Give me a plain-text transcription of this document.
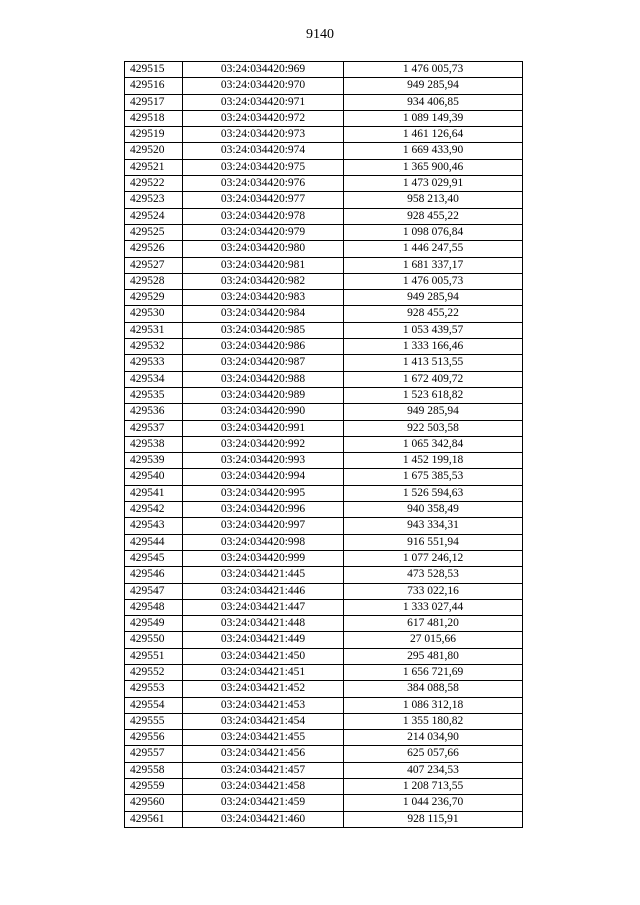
9140
429515	03:24:034420:969	1 476 005,73
429516	03:24:034420:970	949 285,94
429517	03:24:034420:971	934 406,85
429518	03:24:034420:972	1 089 149,39
429519	03:24:034420:973	1 461 126,64
429520	03:24:034420:974	1 669 433,90
429521	03:24:034420:975	1 365 900,46
429522	03:24:034420:976	1 473 029,91
429523	03:24:034420:977	958 213,40
429524	03:24:034420:978	928 455,22
429525	03:24:034420:979	1 098 076,84
429526	03:24:034420:980	1 446 247,55
429527	03:24:034420:981	1 681 337,17
429528	03:24:034420:982	1 476 005,73
429529	03:24:034420:983	949 285,94
429530	03:24:034420:984	928 455,22
429531	03:24:034420:985	1 053 439,57
429532	03:24:034420:986	1 333 166,46
429533	03:24:034420:987	1 413 513,55
429534	03:24:034420:988	1 672 409,72
429535	03:24:034420:989	1 523 618,82
429536	03:24:034420:990	949 285,94
429537	03:24:034420:991	922 503,58
429538	03:24:034420:992	1 065 342,84
429539	03:24:034420:993	1 452 199,18
429540	03:24:034420:994	1 675 385,53
429541	03:24:034420:995	1 526 594,63
429542	03:24:034420:996	940 358,49
429543	03:24:034420:997	943 334,31
429544	03:24:034420:998	916 551,94
429545	03:24:034420:999	1 077 246,12
429546	03:24:034421:445	473 528,53
429547	03:24:034421:446	733 022,16
429548	03:24:034421:447	1 333 027,44
429549	03:24:034421:448	617 481,20
429550	03:24:034421:449	27 015,66
429551	03:24:034421:450	295 481,80
429552	03:24:034421:451	1 656 721,69
429553	03:24:034421:452	384 088,58
429554	03:24:034421:453	1 086 312,18
429555	03:24:034421:454	1 355 180,82
429556	03:24:034421:455	214 034,90
429557	03:24:034421:456	625 057,66
429558	03:24:034421:457	407 234,53
429559	03:24:034421:458	1 208 713,55
429560	03:24:034421:459	1 044 236,70
429561	03:24:034421:460	928 115,91
